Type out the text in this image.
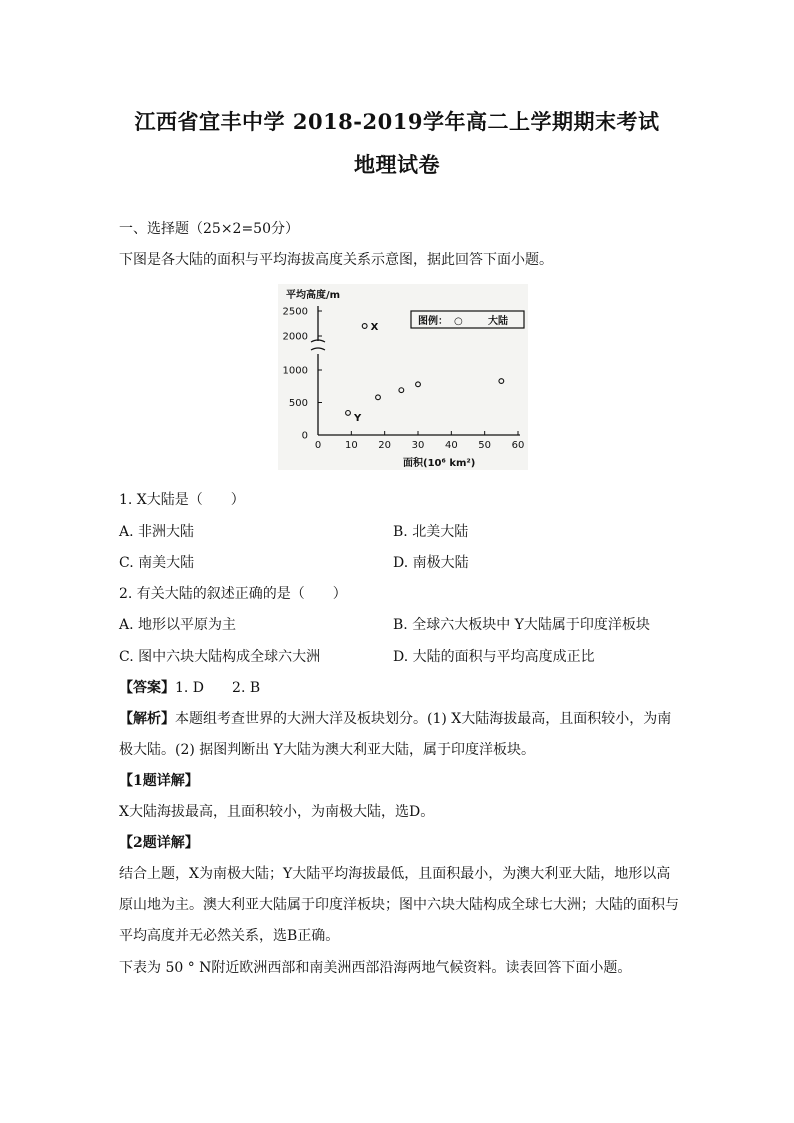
江西省宜丰中学 2018-2019学年高二上学期期末考试
地理试卷
一、选择题（25×2=50分）
下图是各大陆的面积与平均海拔高度关系示意图，据此回答下面小题。
平均高度/m
0
500
1000
2000
2500
0 10 20 30 40 50 60
图例： ○	大陆
X
Y
面积(10⁶ km²)
1. X大陆是（　　）
A. 非洲大陆	B. 北美大陆
C. 南美大陆	D. 南极大陆
2. 有关大陆的叙述正确的是（　　）
A. 地形以平原为主	B. 全球六大板块中 Y大陆属于印度洋板块
C. 图中六块大陆构成全球六大洲	D. 大陆的面积与平均高度成正比
【答案】1. D　　2. B
【解析】本题组考查世界的大洲大洋及板块划分。(1) X大陆海拔最高，且面积较小，为南
极大陆。(2) 据图判断出 Y大陆为澳大利亚大陆，属于印度洋板块。
【1题详解】
X大陆海拔最高，且面积较小，为南极大陆，选D。
【2题详解】
结合上题，X为南极大陆；Y大陆平均海拔最低，且面积最小，为澳大利亚大陆，地形以高
原山地为主。澳大利亚大陆属于印度洋板块；图中六块大陆构成全球七大洲；大陆的面积与
平均高度并无必然关系，选B正确。
下表为 50 ° N附近欧洲西部和南美洲西部沿海两地气候资料。读表回答下面小题。
